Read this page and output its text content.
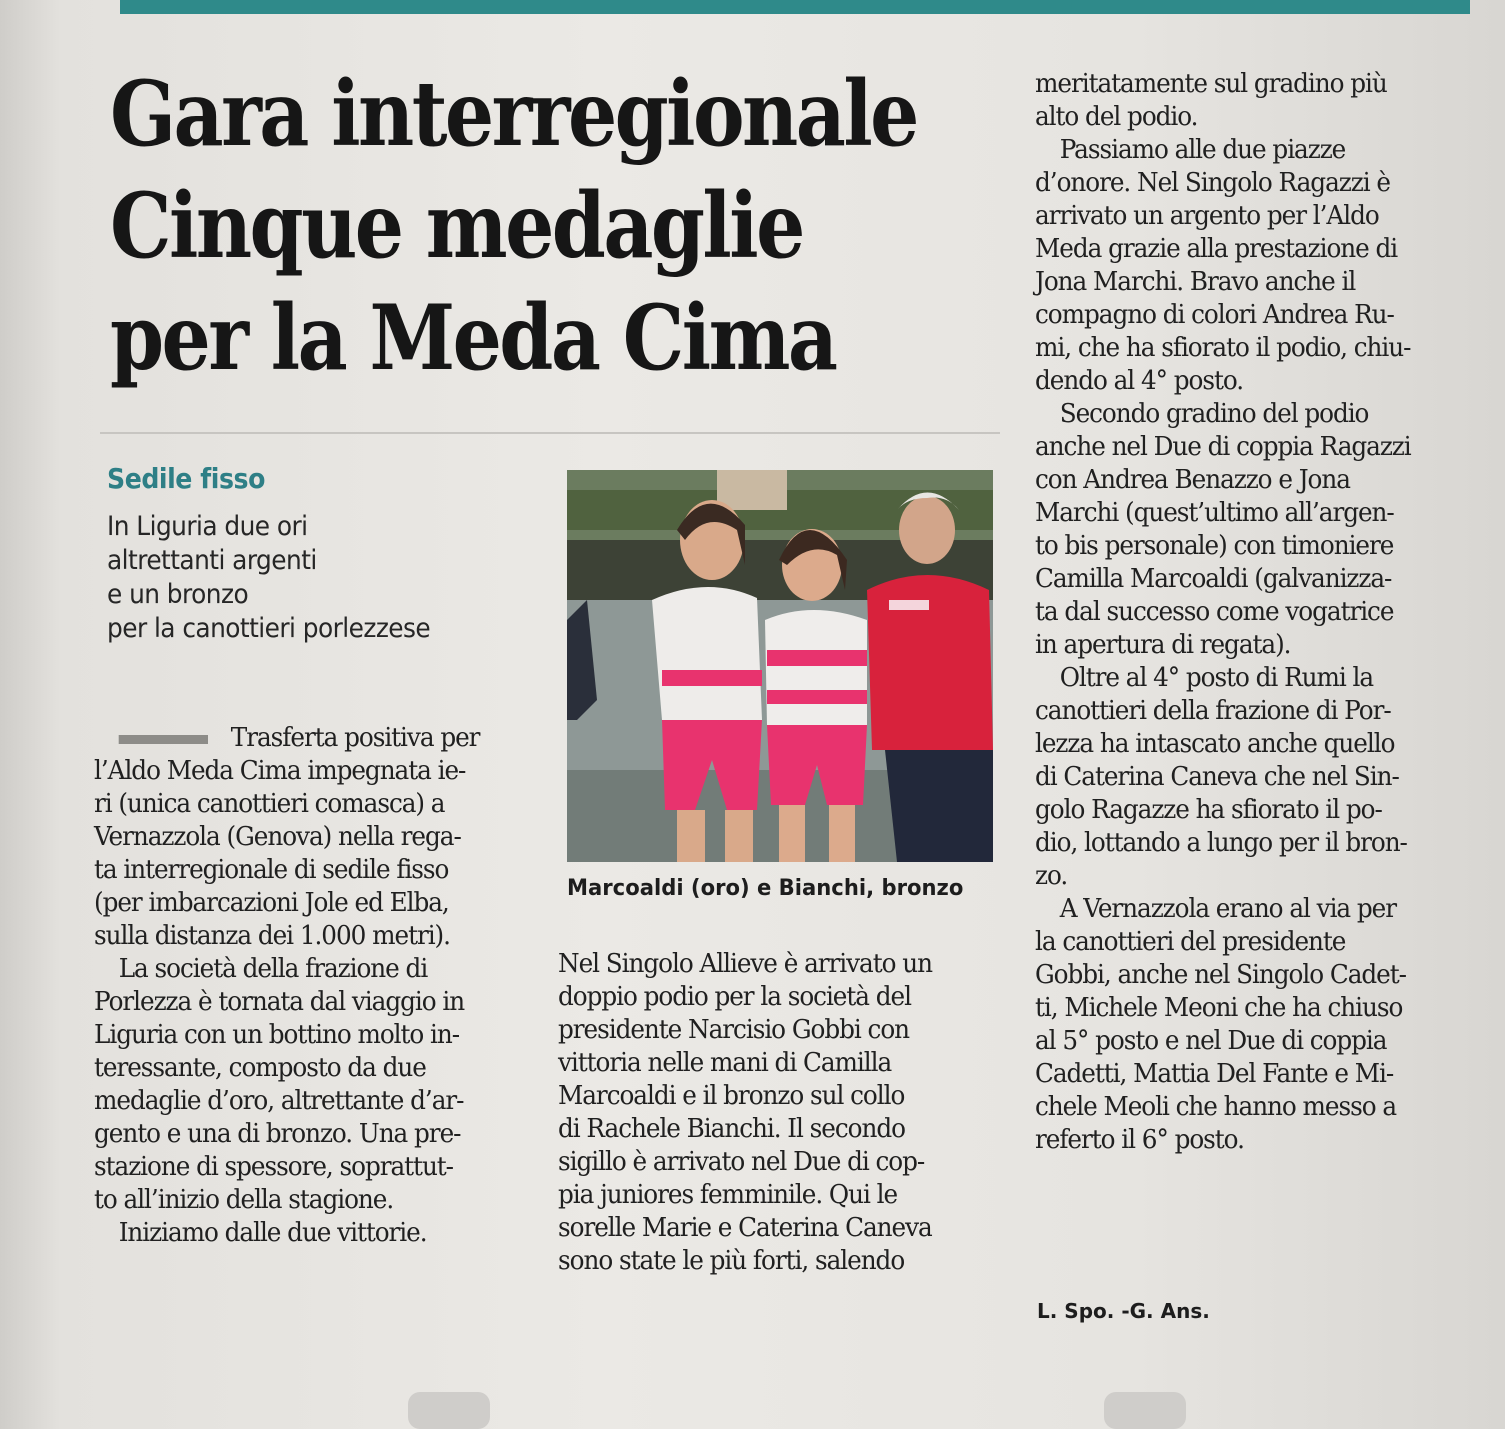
Gara interregionale
Cinque medaglie
per la Meda Cima
Sedile fisso
In Liguria due ori
altrettanti argenti
e un bronzo
per la canottieri porlezzese
Trasferta positiva per
l’Aldo Meda Cima impegnata ie-
ri (unica canottieri comasca) a
Vernazzola (Genova) nella rega-
ta interregionale di sedile fisso
(per imbarcazioni Jole ed Elba,
sulla distanza dei 1.000 metri).
La società della frazione di
Porlezza è tornata dal viaggio in
Liguria con un bottino molto in-
teressante, composto da due
medaglie d’oro, altrettante d’ar-
gento e una di bronzo. Una pre-
stazione di spessore, soprattut-
to all’inizio della stagione.
Iniziamo dalle due vittorie.
Marcoaldi (oro) e Bianchi, bronzo
Nel Singolo Allieve è arrivato un
doppio podio per la società del
presidente Narcisio Gobbi con
vittoria nelle mani di Camilla
Marcoaldi e il bronzo sul collo
di Rachele Bianchi. Il secondo
sigillo è arrivato nel Due di cop-
pia juniores femminile. Qui le
sorelle Marie e Caterina Caneva
sono state le più forti, salendo
meritatamente sul gradino più
alto del podio.
Passiamo alle due piazze
d’onore. Nel Singolo Ragazzi è
arrivato un argento per l’Aldo
Meda grazie alla prestazione di
Jona Marchi. Bravo anche il
compagno di colori Andrea Ru-
mi, che ha sfiorato il podio, chiu-
dendo al 4° posto.
Secondo gradino del podio
anche nel Due di coppia Ragazzi
con Andrea Benazzo e Jona
Marchi (quest’ultimo all’argen-
to bis personale) con timoniere
Camilla Marcoaldi (galvanizza-
ta dal successo come vogatrice
in apertura di regata).
Oltre al 4° posto di Rumi la
canottieri della frazione di Por-
lezza ha intascato anche quello
di Caterina Caneva che nel Sin-
golo Ragazze ha sfiorato il po-
dio, lottando a lungo per il bron-
zo.
A Vernazzola erano al via per
la canottieri del presidente
Gobbi, anche nel Singolo Cadet-
ti, Michele Meoni che ha chiuso
al 5° posto e nel Due di coppia
Cadetti, Mattia Del Fante e Mi-
chele Meoli che hanno messo a
referto il 6° posto.
L. Spo. -G. Ans.
